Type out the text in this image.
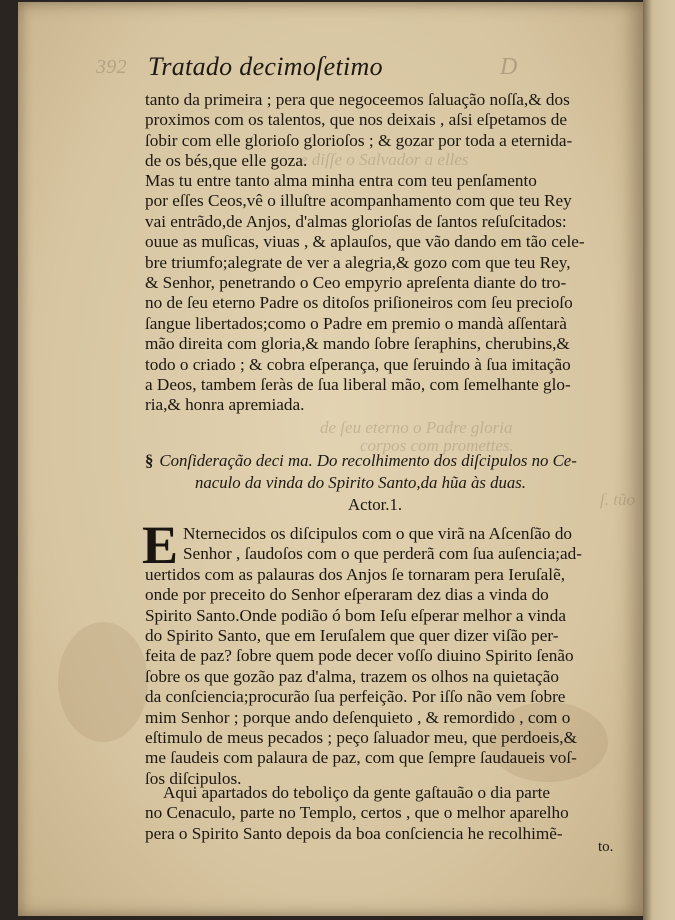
e diſſe o Salvador a elles
de ſeu eterno o Padre gloria
corpos com promettes.
ſ. tũo
392 Tratado decimoſetimo	D
tanto da primeira ; pera que negoceemos ſaluação noſſa,& dos
proximos com os talentos, que nos deixais , aſsi eſpetamos de
ſobir com elle glorioſo glorioſos ; & gozar por toda a eternida-
de os bés,que elle goza.
Mas tu entre tanto alma minha entra com teu penſamento
por eſſes Ceos,vê o illuſtre acompanhamento com que teu Rey
vai entrãdo,de Anjos, d'almas glorioſas de ſantos reſuſcitados:
ouue as muſicas, viuas , & aplauſos, que vão dando em tão cele-
bre triumfo;alegrate de ver a alegria,& gozo com que teu Rey,
& Senhor, penetrando o Ceo empyrio apreſenta diante do tro-
no de ſeu eterno Padre os ditoſos priſioneiros com ſeu precioſo
ſangue libertados;como o Padre em premio o mandà aſſentarà
mão direita com gloria,& mando ſobre ſeraphins, cherubins,&
todo o criado ; & cobra eſperança, que ſeruindo à ſua imitação
a Deos, tambem ſeràs de ſua liberal mão, com ſemelhante glo-
ria,& honra apremiada.
§ Conſideração deci ma. Do recolhimento dos diſcipulos no Ce-
naculo da vinda do Spirito Santo,da hũa às duas.
Actor.1.
E Nternecidos os diſcipulos com o que virã na Aſcenſão do
Senhor , ſaudoſos com o que perderã com ſua auſencia;ad-
uertidos com as palauras dos Anjos ſe tornaram pera Ieruſalẽ,
onde por preceito do Senhor eſperaram dez dias a vinda do
Spirito Santo.Onde podião ó bom Ieſu eſperar melhor a vinda
do Spirito Santo, que em Ieruſalem que quer dizer viſão per-
feita de paz? ſobre quem pode decer voſſo diuino Spirito ſenão
ſobre os que gozão paz d'alma, trazem os olhos na quietação
da conſciencia;procurão ſua perfeição. Por iſſo não vem ſobre
mim Senhor ; porque ando deſenquieto , & remordido , com o
eſtimulo de meus pecados ; peço ſaluador meu, que perdoeis,&
me ſaudeis com palaura de paz, com que ſempre ſaudaueis voſ-
ſos diſcipulos.
Aqui apartados do teboliço da gente gaſtauão o dia parte
no Cenaculo, parte no Templo, certos , que o melhor aparelho
pera o Spirito Santo depois da boa conſciencia he recolhimẽ-
to.
